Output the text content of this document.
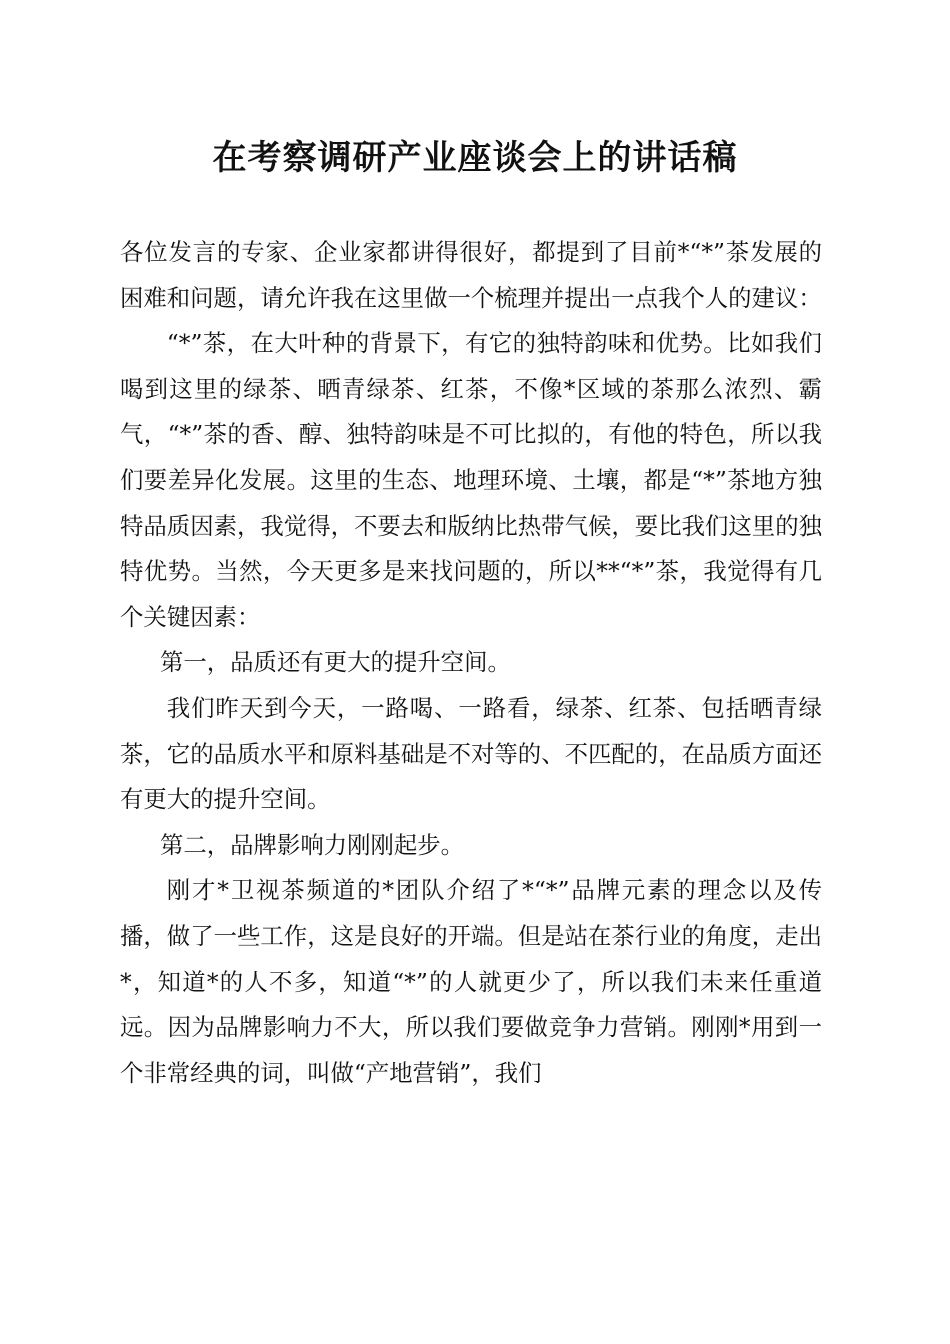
在考察调研产业座谈会上的讲话稿

各位发言的专家、企业家都讲得很好，都提到了目前*“*”茶发展的困难和问题，请允许我在这里做一个梳理并提出一点我个人的建议：

“*”茶，在大叶种的背景下，有它的独特韵味和优势。比如我们喝到这里的绿茶、晒青绿茶、红茶，不像*区域的茶那么浓烈、霸气，“*”茶的香、醇、独特韵味是不可比拟的，有他的特色，所以我们要差异化发展。这里的生态、地理环境、土壤，都是“*”茶地方独特品质因素，我觉得，不要去和版纳比热带气候，要比我们这里的独特优势。当然，今天更多是来找问题的，所以**“*”茶，我觉得有几个关键因素：

第一，品质还有更大的提升空间。

我们昨天到今天，一路喝、一路看，绿茶、红茶、包括晒青绿茶，它的品质水平和原料基础是不对等的、不匹配的，在品质方面还有更大的提升空间。

第二，品牌影响力刚刚起步。

刚才*卫视茶频道的*团队介绍了*“*”品牌元素的理念以及传播，做了一些工作，这是良好的开端。但是站在茶行业的角度，走出*，知道*的人不多，知道“*”的人就更少了，所以我们未来任重道远。因为品牌影响力不大，所以我们要做竞争力营销。刚刚*用到一个非常经典的词，叫做“产地营销”，我们
